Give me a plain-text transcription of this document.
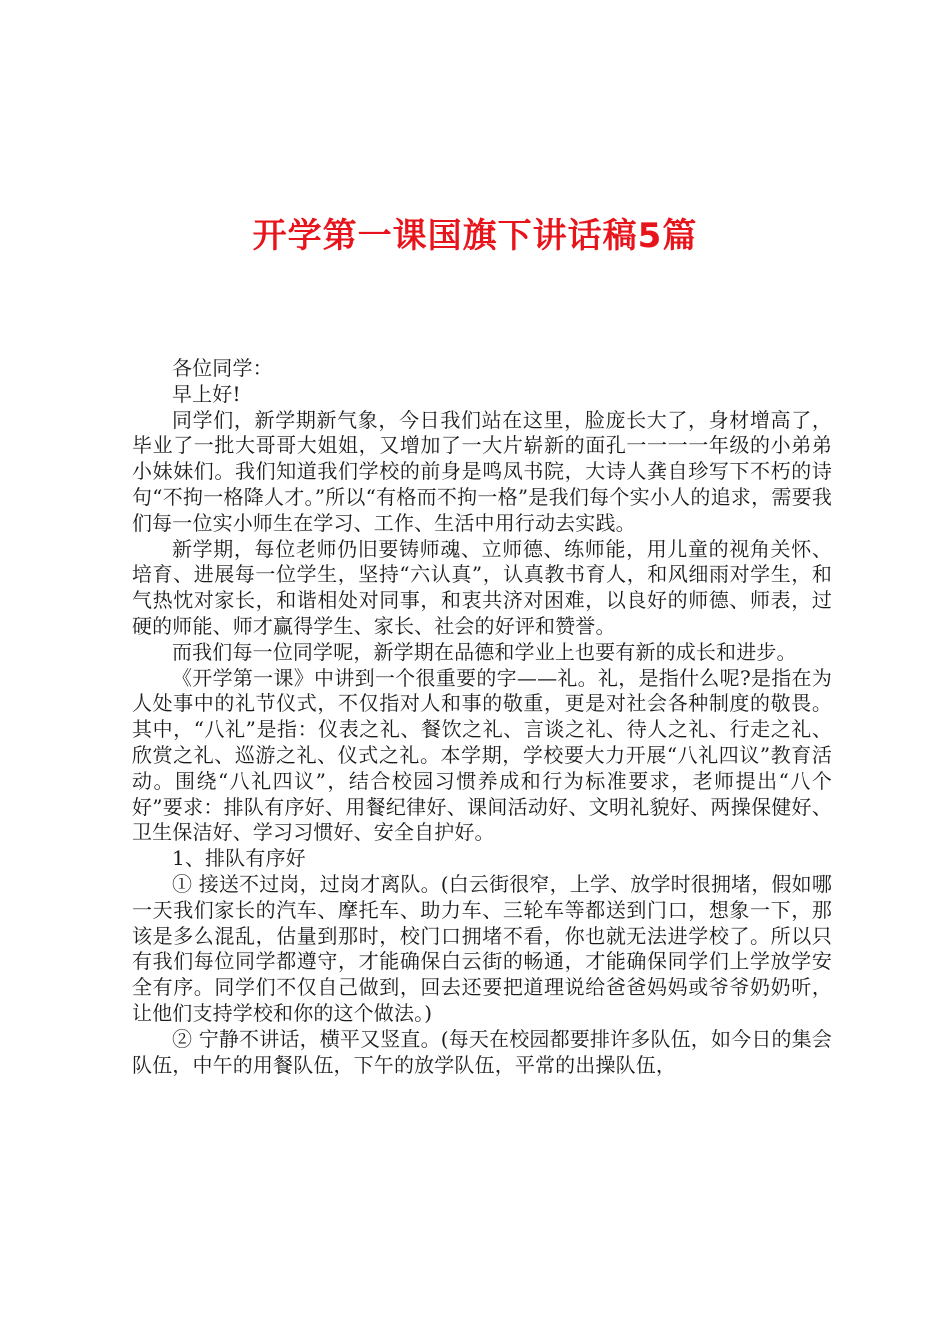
开学第一课国旗下讲话稿5篇

各位同学：

早上好!

同学们，新学期新气象，今日我们站在这里，脸庞长大了，身材增高了，毕业了一批大哥哥大姐姐，又增加了一大片崭新的面孔一一一一年级的小弟弟小妹妹们。我们知道我们学校的前身是鸣凤书院，大诗人龚自珍写下不朽的诗句“不拘一格降人才。”所以“有格而不拘一格”是我们每个实小人的追求，需要我们每一位实小师生在学习、工作、生活中用行动去实践。

新学期，每位老师仍旧要铸师魂、立师德、练师能，用儿童的视角关怀、培育、进展每一位学生，坚持“六认真”，认真教书育人，和风细雨对学生，和气热忱对家长，和谐相处对同事，和衷共济对困难，以良好的师德、师表，过硬的师能、师才赢得学生、家长、社会的好评和赞誉。

而我们每一位同学呢，新学期在品德和学业上也要有新的成长和进步。

《开学第一课》中讲到一个很重要的字——礼。礼，是指什么呢?是指在为人处事中的礼节仪式，不仅指对人和事的敬重，更是对社会各种制度的敬畏。其中，“八礼”是指：仪表之礼、餐饮之礼、言谈之礼、待人之礼、行走之礼、欣赏之礼、巡游之礼、仪式之礼。本学期，学校要大力开展“八礼四议”教育活动。围绕“八礼四议”，结合校园习惯养成和行为标准要求，老师提出“八个好”要求：排队有序好、用餐纪律好、课间活动好、文明礼貌好、两操保健好、卫生保洁好、学习习惯好、安全自护好。

1、排队有序好

① 接送不过岗，过岗才离队。(白云街很窄，上学、放学时很拥堵，假如哪一天我们家长的汽车、摩托车、助力车、三轮车等都送到门口，想象一下，那该是多么混乱，估量到那时，校门口拥堵不看，你也就无法进学校了。所以只有我们每位同学都遵守，才能确保白云街的畅通，才能确保同学们上学放学安全有序。同学们不仅自己做到，回去还要把道理说给爸爸妈妈或爷爷奶奶听，让他们支持学校和你的这个做法。)

② 宁静不讲话，横平又竖直。(每天在校园都要排许多队伍，如今日的集会队伍，中午的用餐队伍，下午的放学队伍，平常的出操队伍，
